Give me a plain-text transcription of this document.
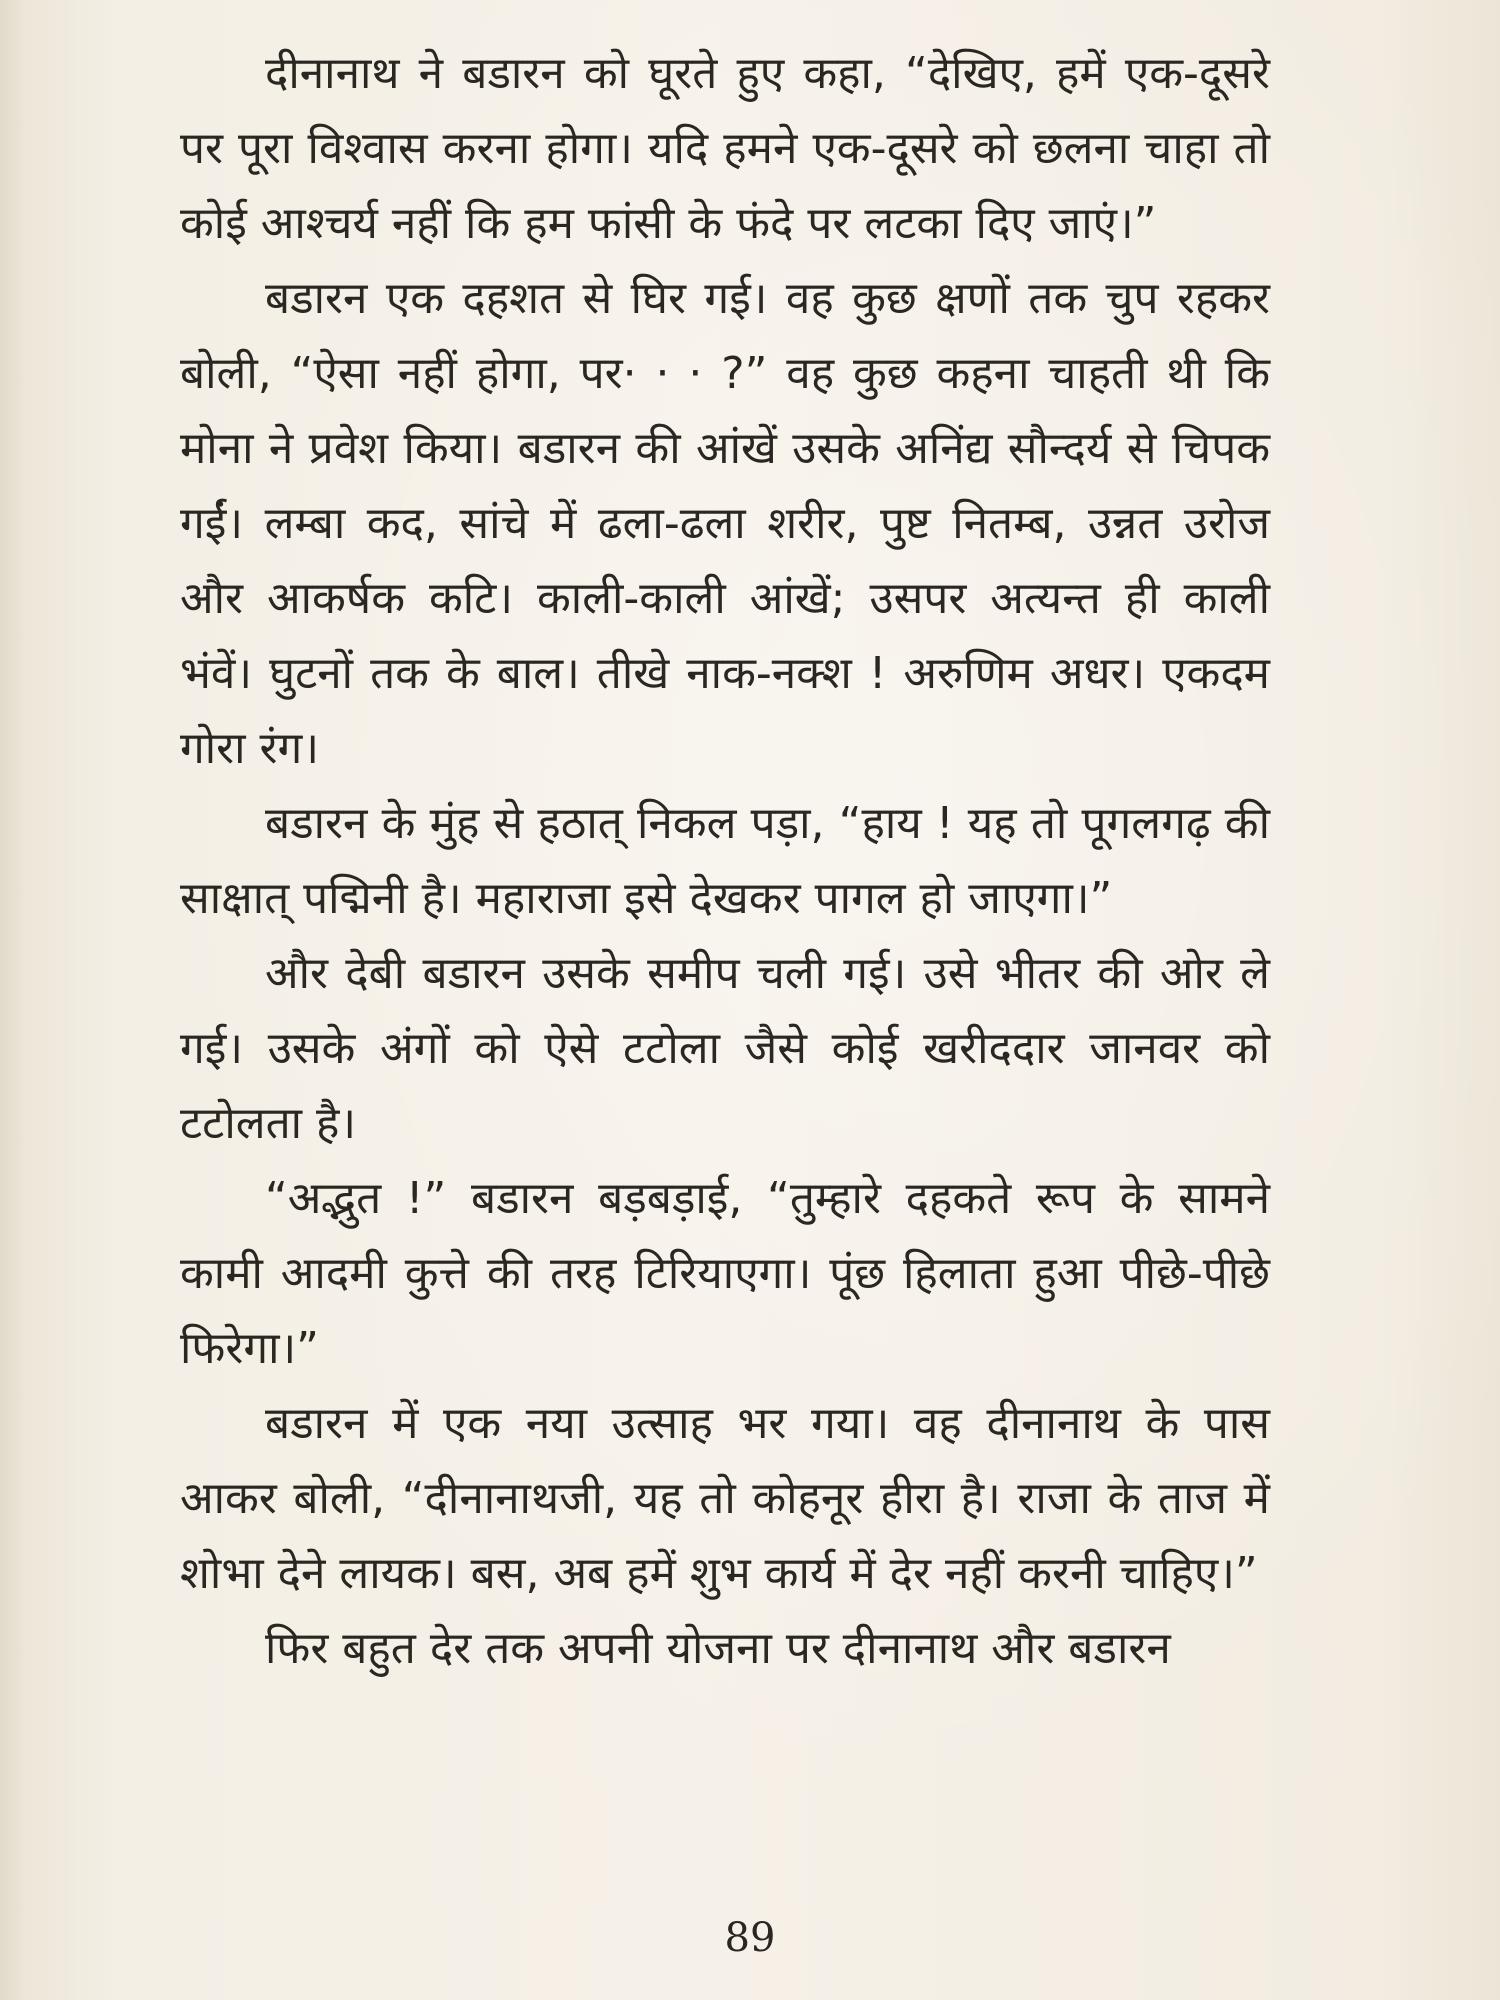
दीनानाथ ने बडारन को घूरते हुए कहा, “देखिए, हमें एक-दूसरे पर पूरा विश्वास करना होगा। यदि हमने एक-दूसरे को छलना चाहा तो कोई आश्चर्य नहीं कि हम फांसी के फंदे पर लटका दिए जाएं।”

बडारन एक दहशत से घिर गई। वह कुछ क्षणों तक चुप रहकर बोली, “ऐसा नहीं होगा, पर· · · ?” वह कुछ कहना चाहती थी कि मोना ने प्रवेश किया। बडारन की आंखें उसके अनिंद्य सौन्दर्य से चिपक गईं। लम्बा कद, सांचे में ढला-ढला शरीर, पुष्ट नितम्ब, उन्नत उरोज और आकर्षक कटि। काली-काली आंखें; उसपर अत्यन्त ही काली भंवें। घुटनों तक के बाल। तीखे नाक-नक्श ! अरुणिम अधर। एकदम गोरा रंग।

बडारन के मुंह से हठात् निकल पड़ा, “हाय ! यह तो पूगलगढ़ की साक्षात् पद्मिनी है। महाराजा इसे देखकर पागल हो जाएगा।”

और देबी बडारन उसके समीप चली गई। उसे भीतर की ओर ले गई। उसके अंगों को ऐसे टटोला जैसे कोई खरीददार जानवर को टटोलता है।

“अद्भुत !” बडारन बड़बड़ाई, “तुम्हारे दहकते रूप के सामने कामी आदमी कुत्ते की तरह टिरियाएगा। पूंछ हिलाता हुआ पीछे-पीछे फिरेगा।”

बडारन में एक नया उत्साह भर गया। वह दीनानाथ के पास आकर बोली, “दीनानाथजी, यह तो कोहनूर हीरा है। राजा के ताज में शोभा देने लायक। बस, अब हमें शुभ कार्य में देर नहीं करनी चाहिए।”

फिर बहुत देर तक अपनी योजना पर दीनानाथ और बडारन

89
